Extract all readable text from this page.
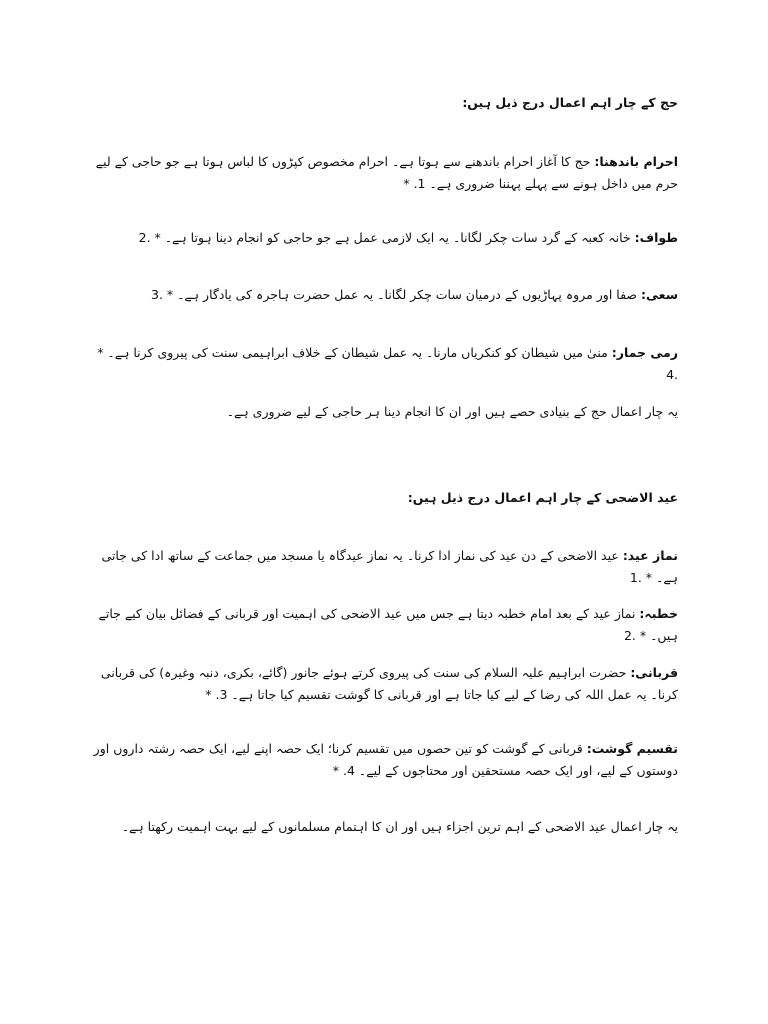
حج کے چار اہم اعمال درج ذیل ہیں:
احرام باندھنا: حج کا آغاز احرام باندھنے سے ہوتا ہے۔ احرام مخصوص کپڑوں کا لباس ہوتا ہے جو حاجی کے لیے حرم میں داخل ہونے سے پہلے پہننا ضروری ہے۔ 1. *
طواف: خانہ کعبہ کے گرد سات چکر لگانا۔ یہ ایک لازمی عمل ہے جو حاجی کو انجام دینا ہوتا ہے۔ * .2
سعی: صفا اور مروہ پہاڑیوں کے درمیان سات چکر لگانا۔ یہ عمل حضرت ہاجرہ کی یادگار ہے۔ * .3
رمی جمار: منیٰ میں شیطان کو کنکریاں مارنا۔ یہ عمل شیطان کے خلاف ابراہیمی سنت کی پیروی کرنا ہے۔ * .4
یہ چار اعمال حج کے بنیادی حصے ہیں اور ان کا انجام دینا ہر حاجی کے لیے ضروری ہے۔
عید الاضحی کے چار اہم اعمال درج ذیل ہیں:
نماز عید: عید الاضحی کے دن عید کی نماز ادا کرنا۔ یہ نماز عیدگاہ یا مسجد میں جماعت کے ساتھ ادا کی جاتی ہے۔ * .1
خطبہ: نماز عید کے بعد امام خطبہ دیتا ہے جس میں عید الاضحی کی اہمیت اور قربانی کے فضائل بیان کیے جاتے ہیں۔ * .2
قربانی: حضرت ابراہیم علیہ السلام کی سنت کی پیروی کرتے ہوئے جانور (گائے، بکری، دنبہ وغیرہ) کی قربانی کرنا۔ یہ عمل اللہ کی رضا کے لیے کیا جاتا ہے اور قربانی کا گوشت تقسیم کیا جاتا ہے۔ 3. *
تقسیم گوشت: قربانی کے گوشت کو تین حصوں میں تقسیم کرنا؛ ایک حصہ اپنے لیے، ایک حصہ رشتہ داروں اور دوستوں کے لیے، اور ایک حصہ مستحقین اور محتاجوں کے لیے۔ 4. *
یہ چار اعمال عید الاضحی کے اہم ترین اجزاء ہیں اور ان کا اہتمام مسلمانوں کے لیے بہت اہمیت رکھتا ہے۔
